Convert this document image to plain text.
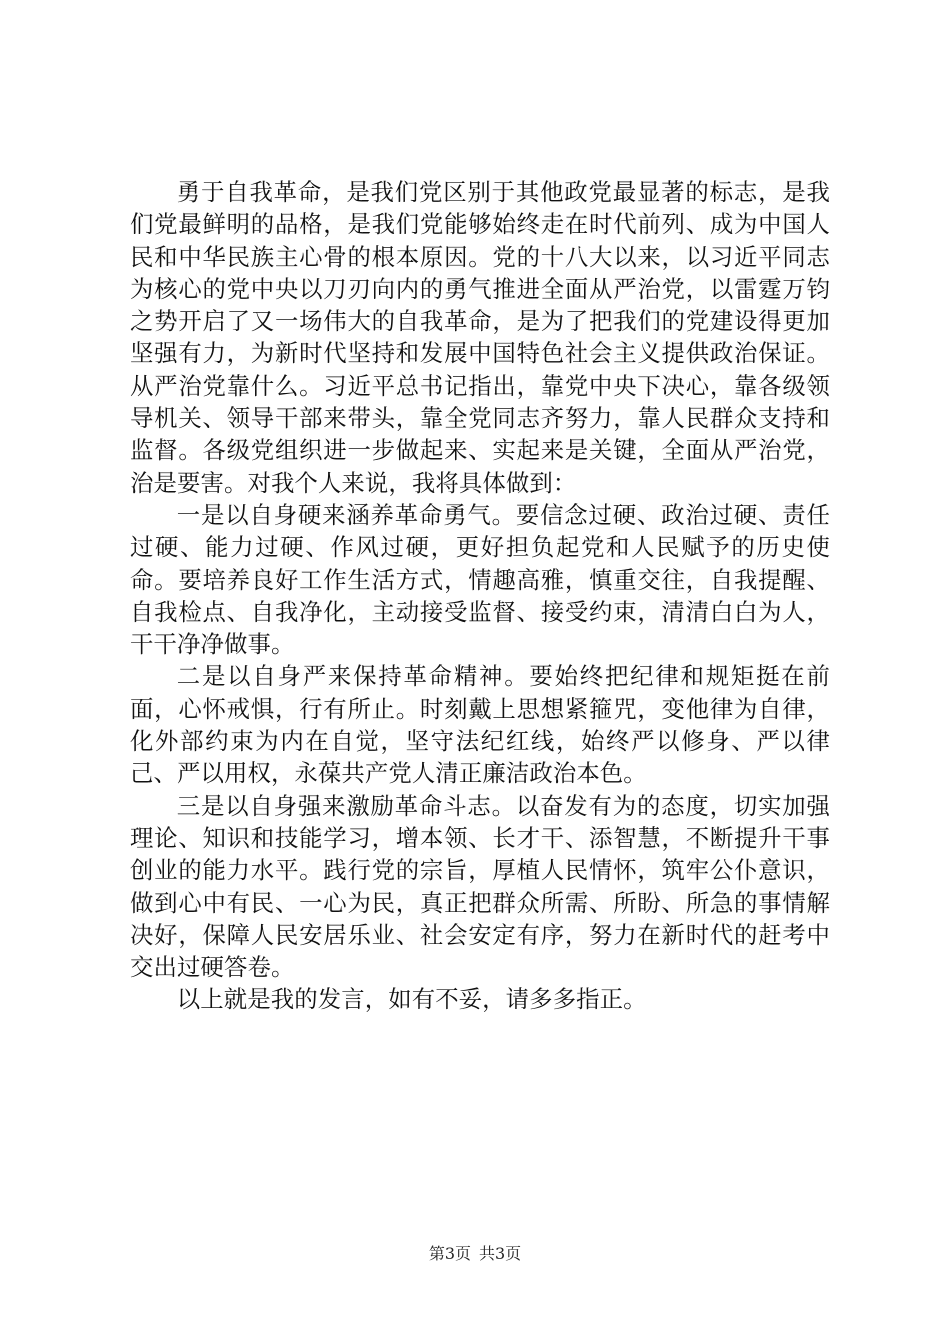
勇于自我革命，是我们党区别于其他政党最显著的标志，是我们党最鲜明的品格，是我们党能够始终走在时代前列、成为中国人民和中华民族主心骨的根本原因。党的十八大以来，以习近平同志为核心的党中央以刀刃向内的勇气推进全面从严治党，以雷霆万钧之势开启了又一场伟大的自我革命，是为了把我们的党建设得更加坚强有力，为新时代坚持和发展中国特色社会主义提供政治保证。从严治党靠什么。习近平总书记指出，靠党中央下决心，靠各级领导机关、领导干部来带头，靠全党同志齐努力，靠人民群众支持和监督。各级党组织进一步做起来、实起来是关键，全面从严治党，治是要害。对我个人来说，我将具体做到：

一是以自身硬来涵养革命勇气。要信念过硬、政治过硬、责任过硬、能力过硬、作风过硬，更好担负起党和人民赋予的历史使命。要培养良好工作生活方式，情趣高雅，慎重交往，自我提醒、自我检点、自我净化，主动接受监督、接受约束，清清白白为人，干干净净做事。

二是以自身严来保持革命精神。要始终把纪律和规矩挺在前面，心怀戒惧，行有所止。时刻戴上思想紧箍咒，变他律为自律，化外部约束为内在自觉，坚守法纪红线，始终严以修身、严以律己、严以用权，永葆共产党人清正廉洁政治本色。

三是以自身强来激励革命斗志。以奋发有为的态度，切实加强理论、知识和技能学习，增本领、长才干、添智慧，不断提升干事创业的能力水平。践行党的宗旨，厚植人民情怀，筑牢公仆意识，做到心中有民、一心为民，真正把群众所需、所盼、所急的事情解决好，保障人民安居乐业、社会安定有序，努力在新时代的赶考中交出过硬答卷。

以上就是我的发言，如有不妥，请多多指正。

第3页 共3页
